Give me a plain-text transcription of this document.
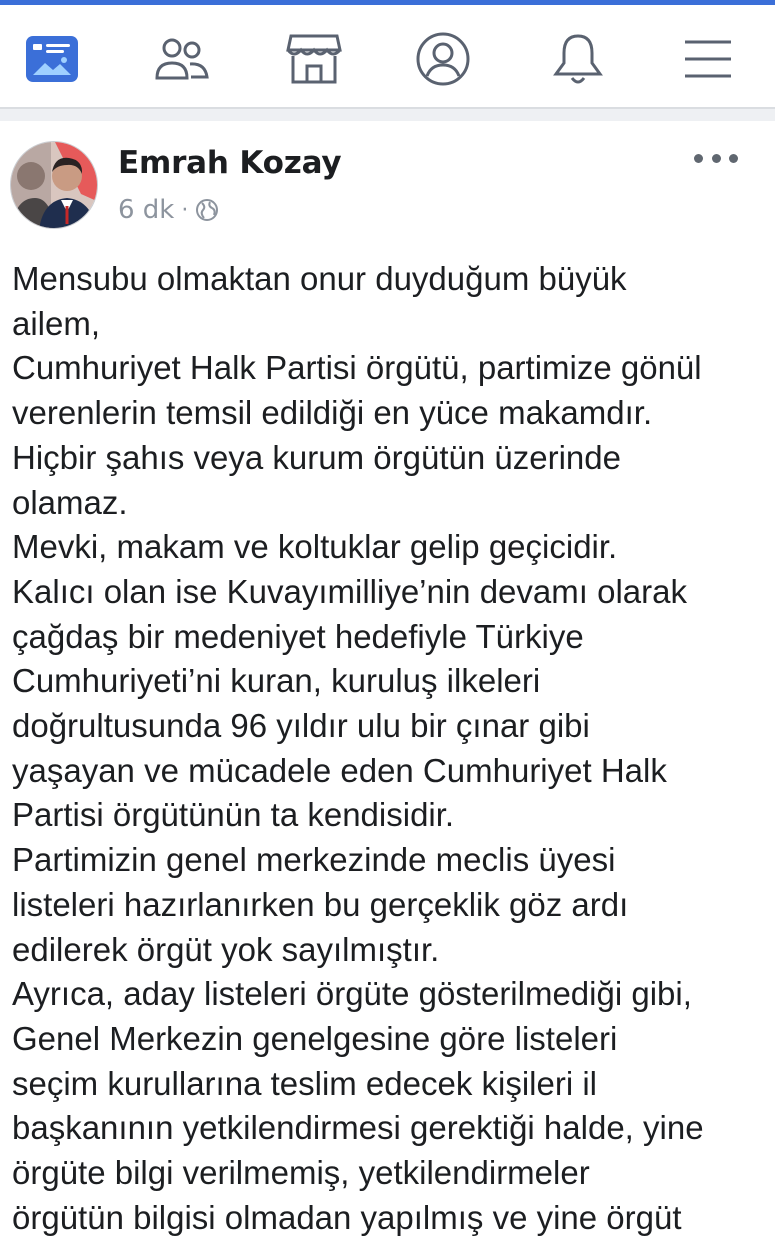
Emrah Kozay
6 dk ·
Mensubu olmaktan onur duyduğum büyük
ailem,
Cumhuriyet Halk Partisi örgütü, partimize gönül
verenlerin temsil edildiği en yüce makamdır.
Hiçbir şahıs veya kurum örgütün üzerinde
olamaz.
Mevki, makam ve koltuklar gelip geçicidir.
Kalıcı olan ise Kuvayımilliye’nin devamı olarak
çağdaş bir medeniyet hedefiyle Türkiye
Cumhuriyeti’ni kuran, kuruluş ilkeleri
doğrultusunda 96 yıldır ulu bir çınar gibi
yaşayan ve mücadele eden Cumhuriyet Halk
Partisi örgütünün ta kendisidir.
Partimizin genel merkezinde meclis üyesi
listeleri hazırlanırken bu gerçeklik göz ardı
edilerek örgüt yok sayılmıştır.
Ayrıca, aday listeleri örgüte gösterilmediği gibi,
Genel Merkezin genelgesine göre listeleri
seçim kurullarına teslim edecek kişileri il
başkanının yetkilendirmesi gerektiği halde, yine
örgüte bilgi verilmemiş, yetkilendirmeler
örgütün bilgisi olmadan yapılmış ve yine örgüt
